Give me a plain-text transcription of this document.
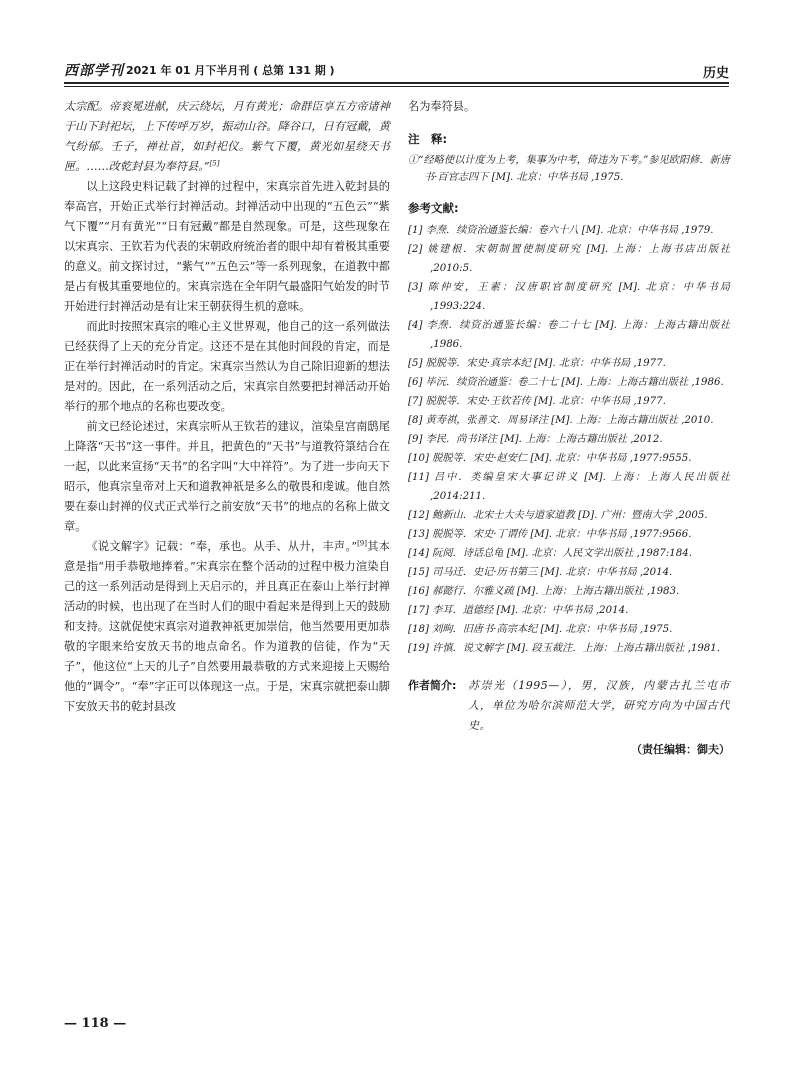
西部学刊 2021 年 01 月下半月刊 ( 总第 131 期 )	历史

太宗配。帝衮冕进献，庆云绕坛，月有黄光；命群臣享五方帝诸神于山下封祀坛，上下传呼万岁，振动山谷。降谷口，日有冠戴，黄气纷郁。壬子，禅社首，如封祀仪。紫气下覆，黄光如星绕天书匣。……改乾封县为奉符县。”[5]

以上这段史料记载了封禅的过程中，宋真宗首先进入乾封县的奉高宫，开始正式举行封禅活动。封禅活动中出现的“五色云”“紫气下覆”“月有黄光”“日有冠戴”都是自然现象。可是，这些现象在以宋真宗、王钦若为代表的宋朝政府统治者的眼中却有着极其重要的意义。前文探讨过，“紫气”“五色云”等一系列现象，在道教中都是占有极其重要地位的。宋真宗选在全年阴气最盛阳气始发的时节开始进行封禅活动是有让宋王朝获得生机的意味。

而此时按照宋真宗的唯心主义世界观，他自己的这一系列做法已经获得了上天的充分肯定。这还不是在其他时间段的肯定，而是正在举行封禅活动时的肯定。宋真宗当然认为自己除旧迎新的想法是对的。因此，在一系列活动之后，宋真宗自然要把封禅活动开始举行的那个地点的名称也要改变。

前文已经论述过，宋真宗听从王钦若的建议，渲染皇宫南鸱尾上降落“天书”这一事件。并且，把黄色的“天书”与道教符箓结合在一起，以此来宣扬“天书”的名字叫“大中祥符”。为了进一步向天下昭示，他真宗皇帝对上天和道教神祇是多么的敬畏和虔诚。他自然要在泰山封禅的仪式正式举行之前安放“天书”的地点的名称上做文章。

《说文解字》记载：“奉，承也。从手、从廾，丰声。”[9]其本意是指“用手恭敬地捧着。”宋真宗在整个活动的过程中极力渲染自己的这一系列活动是得到上天启示的，并且真正在泰山上举行封禅活动的时候，也出现了在当时人们的眼中看起来是得到上天的鼓励和支持。这就促使宋真宗对道教神祇更加崇信，他当然要用更加恭敬的字眼来给安放天书的地点命名。作为道教的信徒，作为“天子”，他这位“上天的儿子”自然要用最恭敬的方式来迎接上天赐给他的“调令”。“奉”字正可以体现这一点。于是，宋真宗就把泰山脚下安放天书的乾封县改

名为奉符县。

注　释:
①“经略使以计度为上考，集事为中考，倚违为下考。”参见欧阳修．新唐书·百官志四下 [M]. 北京：中华书局 ,1975.
参考文献:
[1] 李焘．续资治通鉴长编：卷六十八 [M]. 北京：中华书局 ,1979.
[2] 姚建根．宋朝制置使制度研究 [M]. 上海：上海书店出版社 ,2010:5.
[3] 陈仲安，王素：汉唐职官制度研究 [M]. 北京：中华书局 ,1993:224.
[4] 李焘．续资治通鉴长编：卷二十七 [M]. 上海：上海古籍出版社 ,1986.
[5] 脱脱等．宋史·真宗本纪 [M]. 北京：中华书局 ,1977.
[6] 毕沅．续资治通鉴：卷二十七 [M]. 上海：上海古籍出版社 ,1986.
[7] 脱脱等．宋史·王钦若传 [M]. 北京：中华书局 ,1977.
[8] 黄寿祺，张善文．周易译注 [M]. 上海：上海古籍出版社 ,2010.
[9] 李民．尚书译注 [M]. 上海：上海古籍出版社 ,2012.
[10] 脱脱等．宋史·赵安仁 [M]. 北京：中华书局 ,1977:9555.
[11] 吕中．类编皇宋大事记讲义 [M]. 上海：上海人民出版社 ,2014:211.
[12] 鲍新山．北宋士大夫与道家道教 [D]. 广州：暨南大学 ,2005.
[13] 脱脱等．宋史·丁谓传 [M]. 北京：中华书局 ,1977:9566.
[14] 阮阅．诗话总龟 [M]. 北京：人民文学出版社 ,1987:184.
[15] 司马迁．史记·历书第三 [M]. 北京：中华书局 ,2014.
[16] 郝懿行．尔雅义疏 [M]. 上海：上海古籍出版社 ,1983.
[17] 李耳．道德经 [M]. 北京：中华书局 ,2014.
[18] 刘昫．旧唐书·高宗本纪 [M]. 北京：中华书局 ,1975.
[19] 许慎．说文解字 [M]. 段玉裁注．上海：上海古籍出版社 ,1981.
作者简介:	苏崇光（1995—），男，汉族，内蒙古扎兰屯市人，单位为哈尔滨师范大学，研究方向为中国古代史。
（责任编辑：御夫）
— 118 —
